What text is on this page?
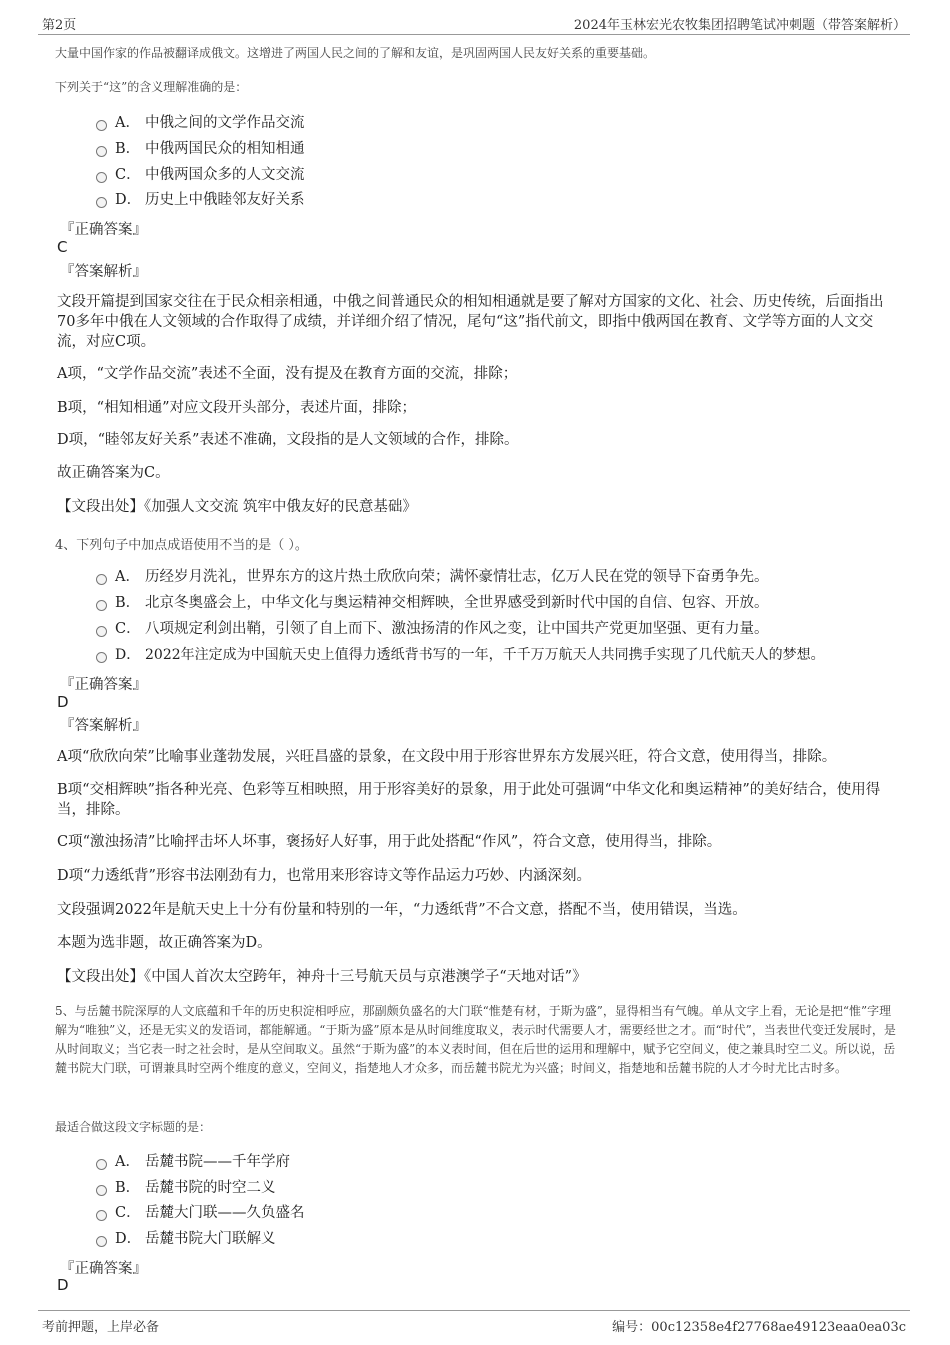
第2页	2024年玉林宏光农牧集团招聘笔试冲刺题（带答案解析）
大量中国作家的作品被翻译成俄文。这增进了两国人民之间的了解和友谊，是巩固两国人民友好关系的重要基础。
下列关于“这”的含义理解准确的是：
A． 中俄之间的文学作品交流
B． 中俄两国民众的相知相通
C． 中俄两国众多的人文交流
D． 历史上中俄睦邻友好关系
『正确答案』
C
『答案解析』
文段开篇提到国家交往在于民众相亲相通，中俄之间普通民众的相知相通就是要了解对方国家的文化、社会、历史传统，后面指出70多年中俄在人文领域的合作取得了成绩，并详细介绍了情况，尾句“这”指代前文，即指中俄两国在教育、文学等方面的人文交流，对应C项。
A项，“文学作品交流”表述不全面，没有提及在教育方面的交流，排除；
B项，“相知相通”对应文段开头部分，表述片面，排除；
D项，“睦邻友好关系”表述不准确，文段指的是人文领域的合作，排除。
故正确答案为C。
【文段出处】《加强人文交流 筑牢中俄友好的民意基础》
4、下列句子中加点成语使用不当的是（ ）。
A． 历经岁月洗礼，世界东方的这片热土欣欣向荣；满怀豪情壮志，亿万人民在党的领导下奋勇争先。
B． 北京冬奥盛会上，中华文化与奥运精神交相辉映，全世界感受到新时代中国的自信、包容、开放。
C． 八项规定利剑出鞘，引领了自上而下、激浊扬清的作风之变，让中国共产党更加坚强、更有力量。
D． 2022年注定成为中国航天史上值得力透纸背书写的一年，千千万万航天人共同携手实现了几代航天人的梦想。
『正确答案』
D
『答案解析』
A项“欣欣向荣”比喻事业蓬勃发展，兴旺昌盛的景象，在文段中用于形容世界东方发展兴旺，符合文意，使用得当，排除。
B项“交相辉映”指各种光亮、色彩等互相映照，用于形容美好的景象，用于此处可强调“中华文化和奥运精神”的美好结合，使用得当，排除。
C项“激浊扬清”比喻抨击坏人坏事，褒扬好人好事，用于此处搭配“作风”，符合文意，使用得当，排除。
D项“力透纸背”形容书法刚劲有力，也常用来形容诗文等作品运力巧妙、内涵深刻。
文段强调2022年是航天史上十分有份量和特别的一年，“力透纸背”不合文意，搭配不当，使用错误，当选。
本题为选非题，故正确答案为D。
【文段出处】《中国人首次太空跨年，神舟十三号航天员与京港澳学子“天地对话”》
5、与岳麓书院深厚的人文底蕴和千年的历史积淀相呼应，那副颇负盛名的大门联“惟楚有材，于斯为盛”，显得相当有气魄。单从文字上看，无论是把“惟”字理解为“唯独”义，还是无实义的发语词，都能解通。“于斯为盛”原本是从时间维度取义，表示时代需要人才，需要经世之才。而“时代”，当表世代变迁发展时，是从时间取义；当它表一时之社会时，是从空间取义。虽然“于斯为盛”的本义表时间，但在后世的运用和理解中，赋予它空间义，使之兼具时空二义。所以说，岳麓书院大门联，可谓兼具时空两个维度的意义，空间义，指楚地人才众多，而岳麓书院尤为兴盛；时间义，指楚地和岳麓书院的人才今时尤比古时多。
最适合做这段文字标题的是：
A． 岳麓书院——千年学府
B． 岳麓书院的时空二义
C． 岳麓大门联——久负盛名
D． 岳麓书院大门联解义
『正确答案』
D
考前押题，上岸必备	编号：00c12358e4f27768ae49123eaa0ea03c
